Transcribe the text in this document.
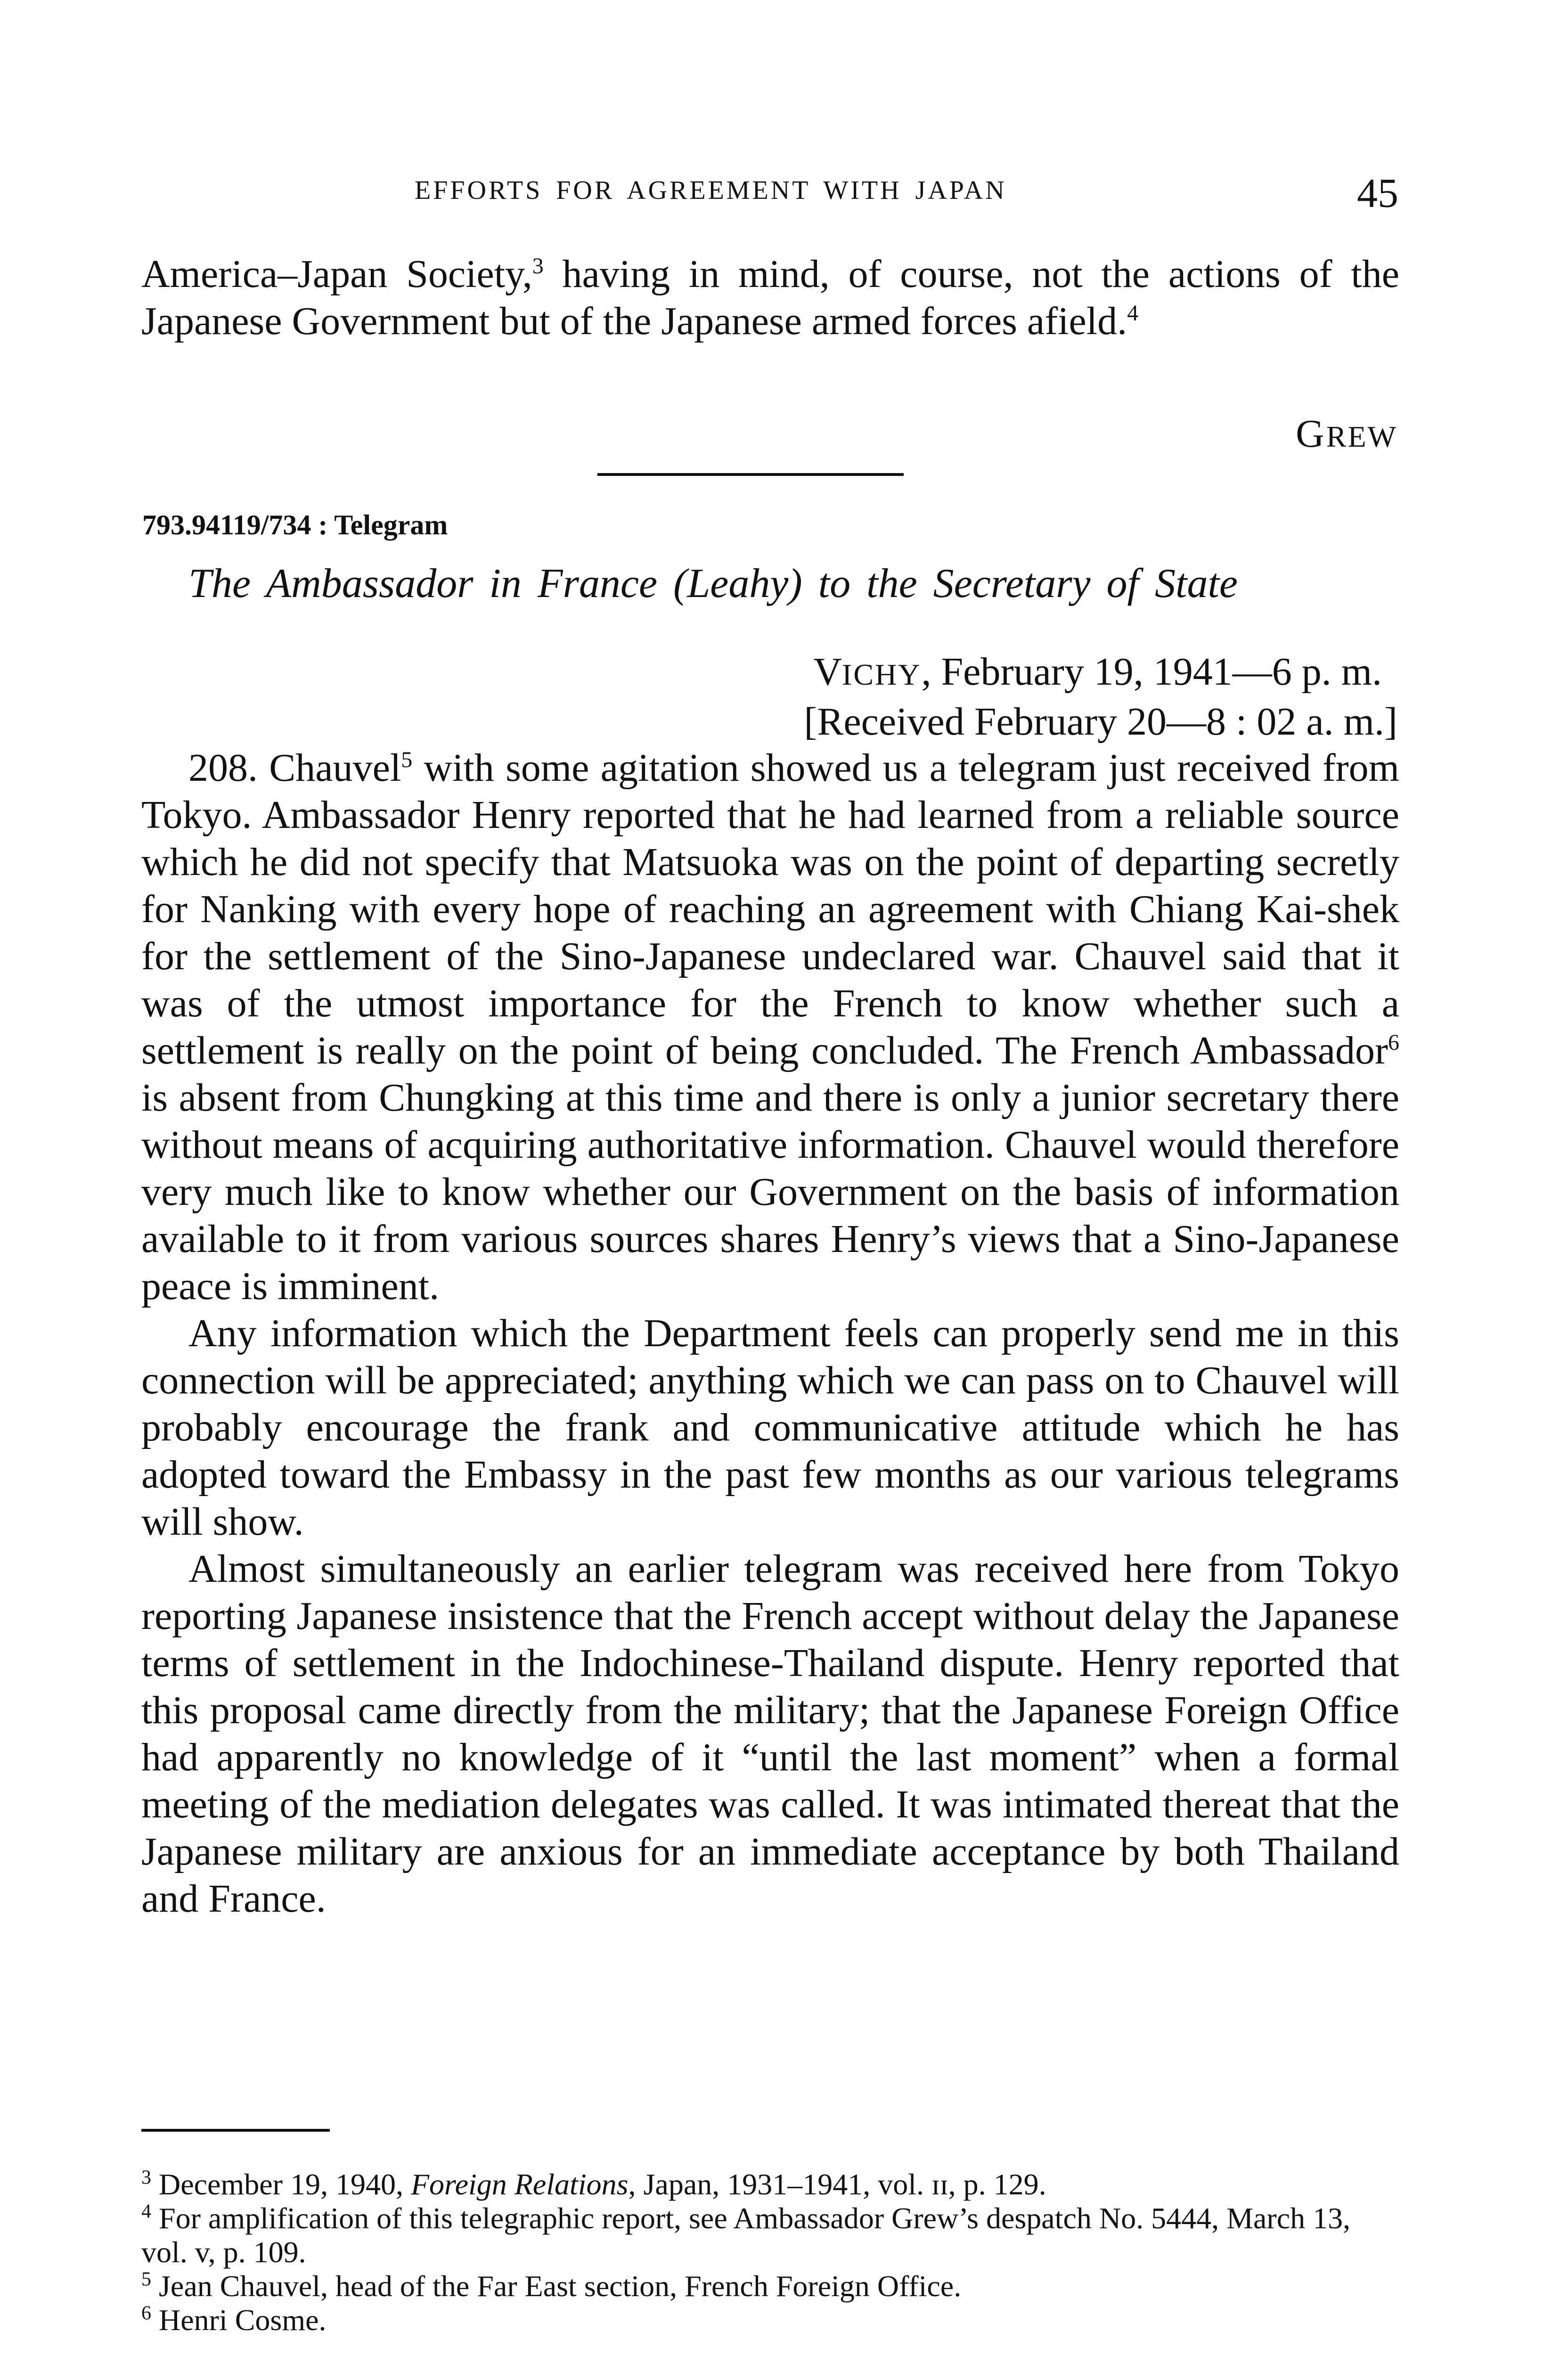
EFFORTS FOR AGREEMENT WITH JAPAN	45

America–Japan Society,$^3$ having in mind, of course, not the actions of the Japanese Government but of the Japanese armed forces afield.$^4$

GREW
793.94119/734 : Telegram
The Ambassador in France (Leahy) to the Secretary of State
VICHY, February 19, 1941—6 p. m.
[Received February 20—8 : 02 a. m.]

208. Chauvel$^5$ with some agitation showed us a telegram just received from Tokyo. Ambassador Henry reported that he had learned from a reliable source which he did not specify that Matsuoka was on the point of departing secretly for Nanking with every hope of reaching an agreement with Chiang Kai-shek for the settlement of the Sino-Japanese undeclared war. Chauvel said that it was of the utmost importance for the French to know whether such a settlement is really on the point of being concluded. The French Ambassador$^6$ is absent from Chungking at this time and there is only a junior secretary there without means of acquiring authoritative information. Chauvel would therefore very much like to know whether our Government on the basis of information available to it from various sources shares Henry’s views that a Sino-Japanese peace is imminent.

Any information which the Department feels can properly send me in this connection will be appreciated; anything which we can pass on to Chauvel will probably encourage the frank and communicative attitude which he has adopted toward the Embassy in the past few months as our various telegrams will show.

Almost simultaneously an earlier telegram was received here from Tokyo reporting Japanese insistence that the French accept without delay the Japanese terms of settlement in the Indochinese-Thailand dispute. Henry reported that this proposal came directly from the military; that the Japanese Foreign Office had apparently no knowledge of it “until the last moment” when a formal meeting of the mediation delegates was called. It was intimated thereat that the Japanese military are anxious for an immediate acceptance by both Thailand and France.

$^3$ December 19, 1940, Foreign Relations, Japan, 1931–1941, vol. ɪɪ, p. 129.

$^4$ For amplification of this telegraphic report, see Ambassador Grew’s despatch No. 5444, March 13, vol. v, p. 109.

$^5$ Jean Chauvel, head of the Far East section, French Foreign Office.

$^6$ Henri Cosme.
